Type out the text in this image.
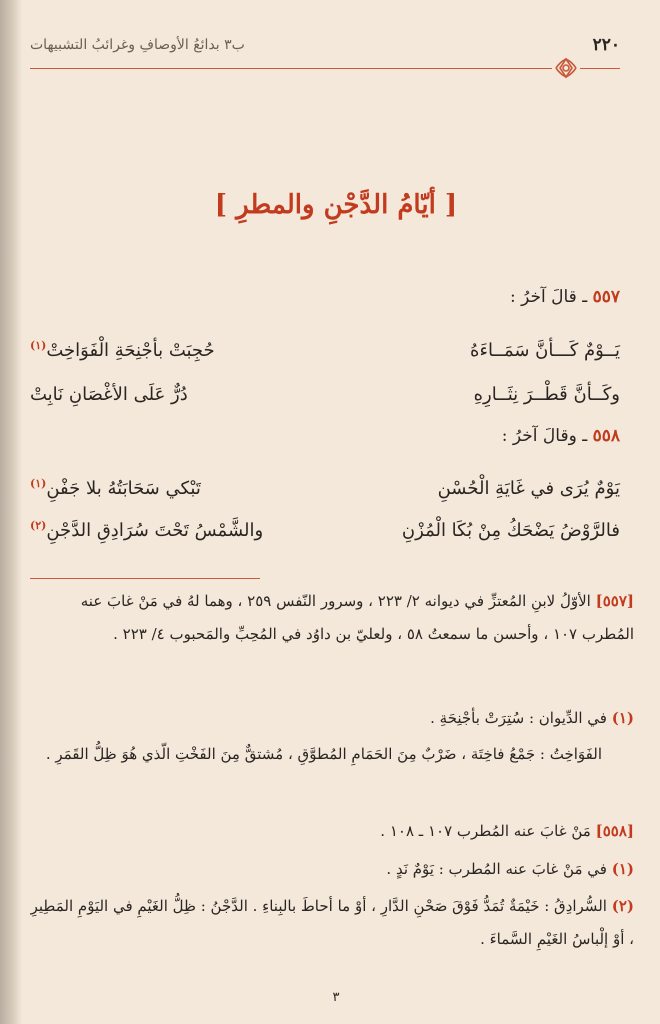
٢٢٠
ب٣ بدائعُ الأوصافِ وغرائبُ التشبيهات
[ أيّامُ الدَّجْنِ والمطرِ ]
٥٥٧ ـ قالَ آخرُ :
يَــوْمٌ كَـــأنَّ سَمَــاءَهُ
حُجِبَتْ بأجْنِحَةِ الْفَوَاخِتْ$^{(١)}$
وكَــأنَّ قَطْــرَ نِثَــارِهِ
دُرٌّ عَلَى الأغْصَانِ نَابِتْ
٥٥٨ ـ وقالَ آخرُ :
يَوْمٌ يُرَى في غَايَةِ الْحُسْنِ
تَبْكي سَحَابَتُهُ بلا جَفْنِ$^{(١)}$
فالرَّوْضُ يَضْحَكُ مِنْ بُكَا الْمُزْنِ
والشَّمْسُ تَحْتَ سُرَادِقِ الدَّجْنِ$^{(٢)}$
[٥٥٧] الأوّلُ لابنِ المُعتزِّ في ديوانه ٢/ ٢٢٣ ، وسرور النّفس ٢٥٩ ، وهما لهُ في مَنْ غابَ عنه المُطرب ١٠٧ ، وأحسن ما سمعتُ ٥٨ ، ولعليّ بن داوُد في المُحِبِّ والمَحبوب ٤/ ٢٢٣ .
(١) في الدِّيوان : سُتِرَتْ بأجْنِحَةِ .
الفَوَاخِتُ : جَمْعُ فاخِتَة ، ضَرْبٌ مِنَ الحَمَامِ المُطوَّقِ ، مُشتقٌّ مِنَ الفَخْتِ الّذي هُوَ ظِلُّ القَمَرِ .
[٥٥٨] مَنْ غابَ عنه المُطرب ١٠٧ ـ ١٠٨ .
(١) في مَنْ غابَ عنه المُطرب : يَوْمٌ نَدٍ .
(٢) السُّرادِقُ : خَيْمَةٌ تُمَدُّ فَوْقَ صَحْنِ الدَّارِ ، أوْ ما أحاطَ بالبِناءِ . الدَّجْنُ : ظِلُّ الغَيْمِ في اليَوْمِ المَطِيرِ ، أوْ إلْباسُ الغَيْمِ السَّماءَ .
٣
